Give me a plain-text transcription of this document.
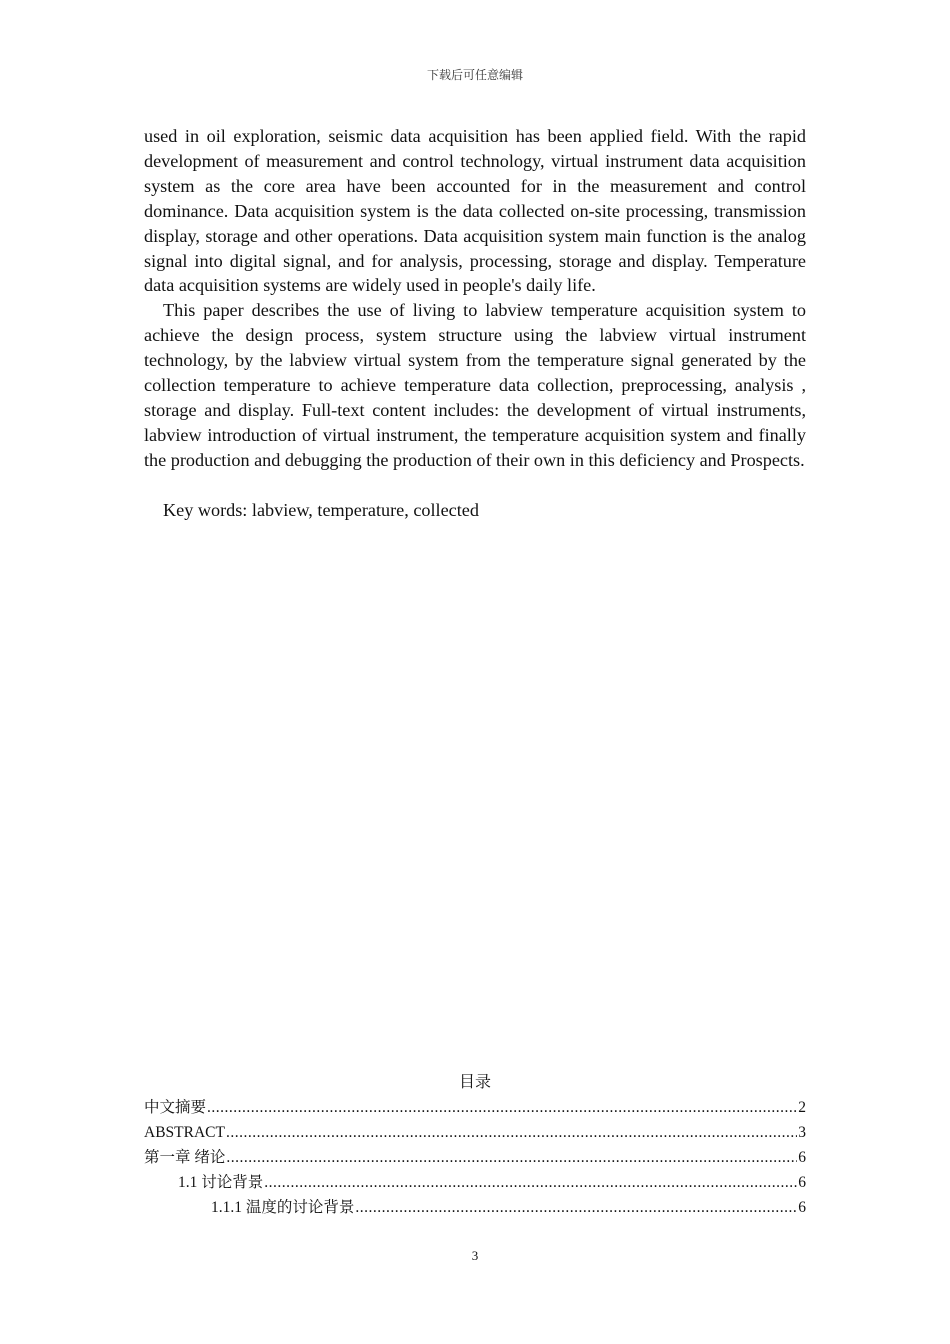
下载后可任意编辑

used in oil exploration, seismic data acquisition has been applied field. With the rapid development of measurement and control technology, virtual instrument data acquisition system as the core area have been accounted for in the measurement and control dominance. Data acquisition system is the data collected on-site processing, transmission display, storage and other operations. Data acquisition system main function is the analog signal into digital signal, and for analysis, processing, storage and display. Temperature data acquisition systems are widely used in people's daily life.

This paper describes the use of living to labview temperature acquisition system to achieve the design process, system structure using the labview virtual instrument technology, by the labview virtual system from the temperature signal generated by the collection temperature to achieve temperature data collection, preprocessing, analysis , storage and display. Full-text content includes: the development of virtual instruments, labview introduction of virtual instrument, the temperature acquisition system and finally the production and debugging the production of their own in this deficiency and Prospects.

Key words: labview, temperature, collected

目录
中文摘要 .....	2
ABSTRACT .....	3
第一章 绪论 .....	6
1.1 讨论背景 .....	6
1.1.1 温度的讨论背景 .....	6
3
